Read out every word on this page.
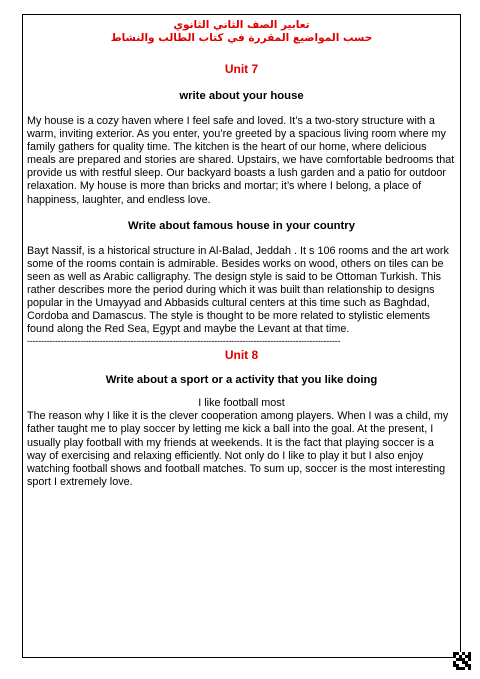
تعابير الصف الثاني الثانوي
حسب المواضيع المقررة في كتاب الطالب والنشاط
Unit 7
write about your house

My house is a cozy haven where I feel safe and loved. It’s a two-story structure with a warm, inviting exterior. As you enter, you’re greeted by a spacious living room where my family gathers for quality time. The kitchen is the heart of our home, where delicious meals are prepared and stories are shared. Upstairs, we have comfortable bedrooms that provide us with restful sleep. Our backyard boasts a lush garden and a patio for outdoor relaxation. My house is more than bricks and mortar; it’s where I belong, a place of happiness, laughter, and endless love.

Write about famous house in your country

Bayt Nassif, is a historical structure in Al-Balad, Jeddah . It s 106 rooms and the art work some of the rooms contain is admirable. Besides works on wood, others on tiles can be seen as well as Arabic calligraphy. The design style is said to be Ottoman Turkish. This rather describes more the period during which it was built than relationship to designs popular in the Umayyad and Abbasids cultural centers at this time such as Baghdad, Cordoba and Damascus. The style is thought to be more related to stylistic elements found along the Red Sea, Egypt and maybe the Levant at that time.

----------------------------------------------------------------------------------------------------------------
Unit 8
Write about a sport or a activity that you like doing
I like football most

The reason why I like it is the clever cooperation among players. When I was a child, my father taught me to play soccer by letting me kick a ball into the goal. At the present, I usually play football with my friends at weekends. It is the fact that playing soccer is a way of exercising and relaxing efficiently. Not only do I like to play it but I also enjoy watching football shows and football matches. To sum up, soccer is the most interesting sport I extremely love.
